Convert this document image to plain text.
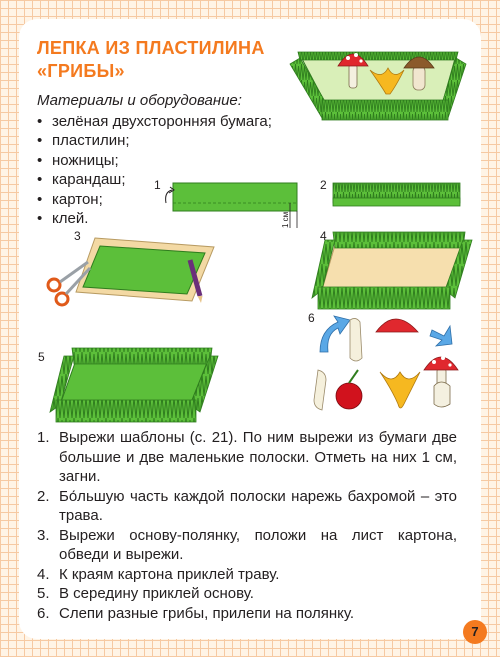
1 см
ЛЕПКА ИЗ ПЛАСТИЛИНА
«ГРИБЫ»
Материалы и оборудование:
• зелёная двухсторонняя бумага;
• пластилин;
• ножницы;
• карандаш;
• картон;
• клей.
1	2
3	4
5
6
1. Вырежи шаблоны (с. 21). По ним вырежи из бумаги две большие и две маленькие полоски. Отметь на них 1 см, загни.
2. Бо́льшую часть каждой полоски нарежь бахромой – это трава.
3. Вырежи основу-полянку, положи на лист картона, обведи и вырежи.
4. К краям картона приклей траву.
5. В середину приклей основу.
6. Слепи разные грибы, прилепи на полянку.
7
